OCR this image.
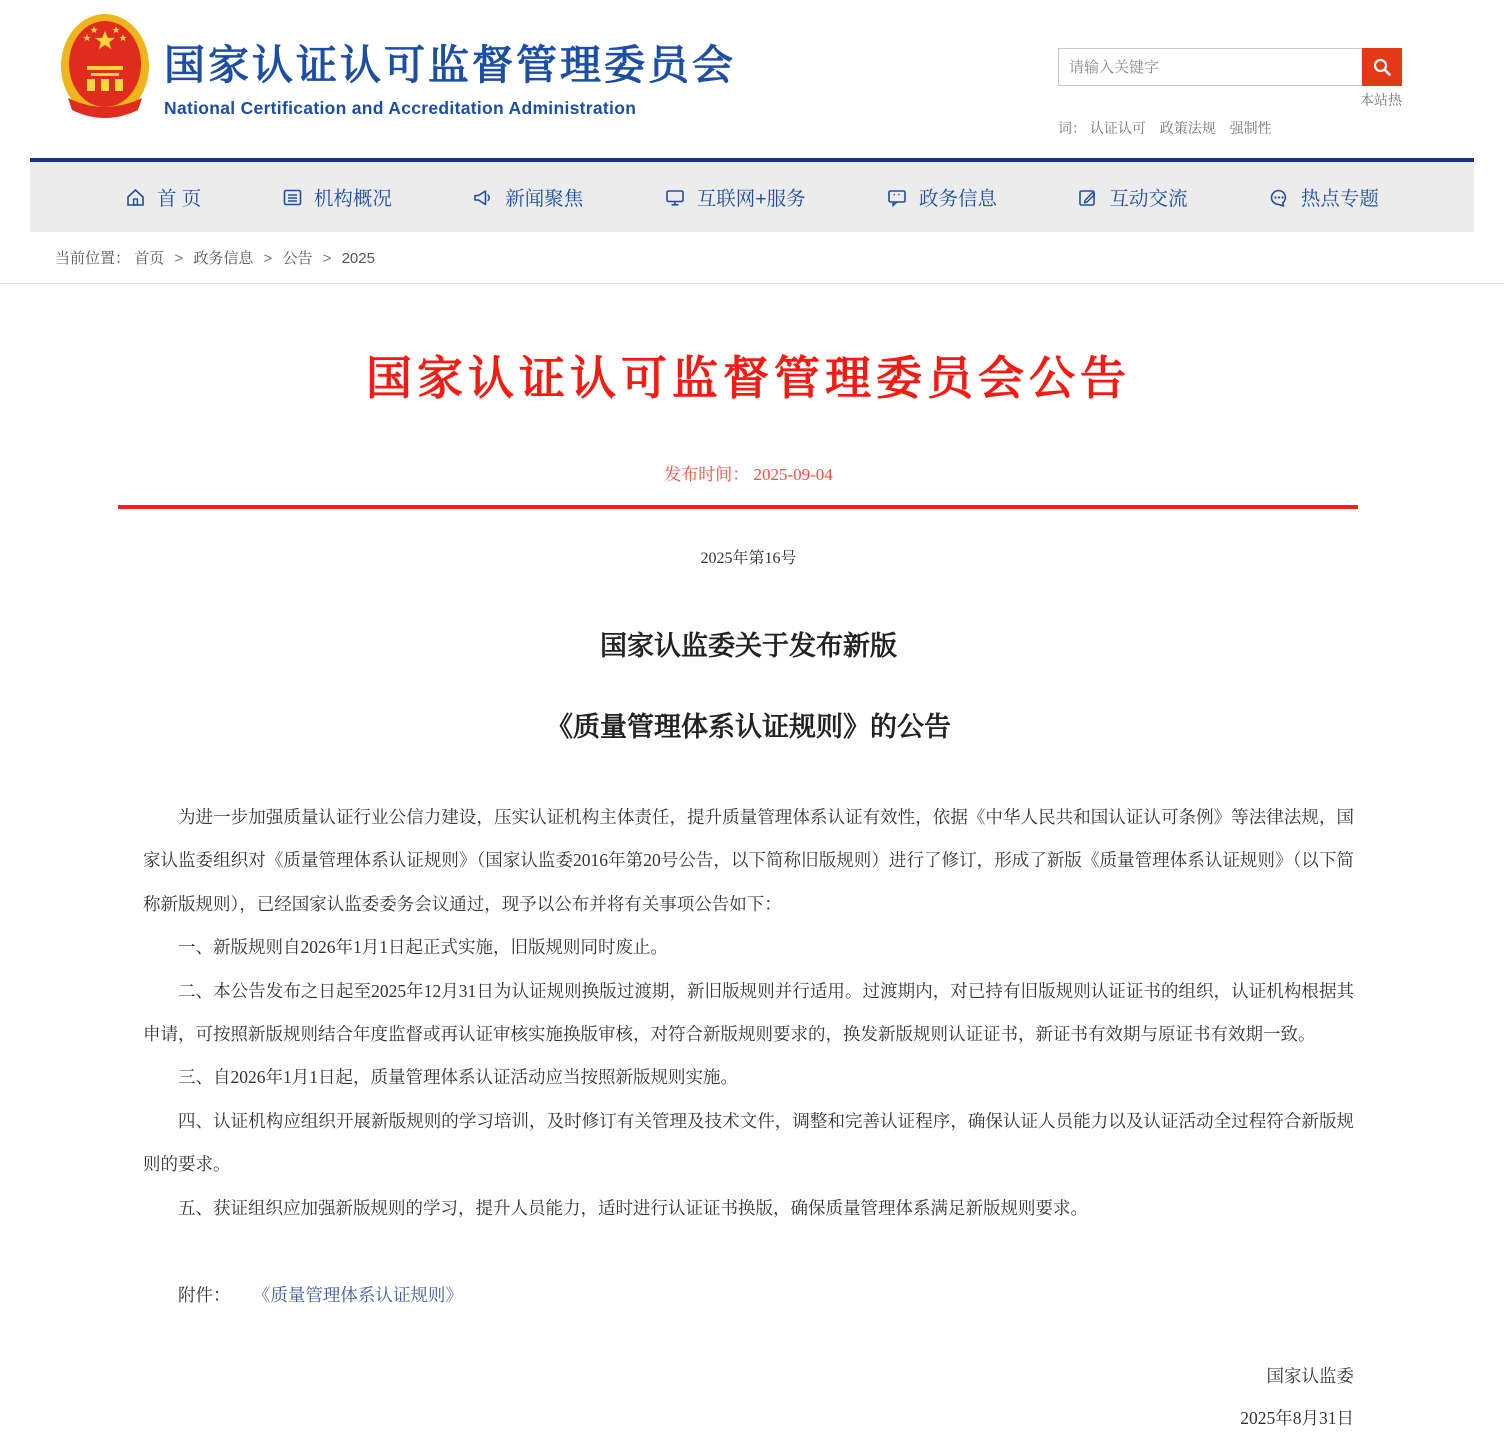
国家认证认可监督管理委员会
National Certification and Accreditation Administration
请输入关键字	本站热
词： 认证认可 政策法规 强制性
首 页	机构概况	新闻聚焦	互联网+服务	政务信息	互动交流	热点专题
当前位置： 首页 > 政务信息 > 公告 > 2025
国家认证认可监督管理委员会公告
发布时间： 2025-09-04
2025年第16号
国家认监委关于发布新版
《质量管理体系认证规则》的公告

为进一步加强质量认证行业公信力建设，压实认证机构主体责任，提升质量管理体系认证有效性，依据《中华人民共和国认证认可条例》等法律法规，国家认监委组织对《质量管理体系认证规则》（国家认监委2016年第20号公告，以下简称旧版规则）进行了修订，形成了新版《质量管理体系认证规则》（以下简称新版规则），已经国家认监委委务会议通过，现予以公布并将有关事项公告如下：

一、新版规则自2026年1月1日起正式实施，旧版规则同时废止。

二、本公告发布之日起至2025年12月31日为认证规则换版过渡期，新旧版规则并行适用。过渡期内，对已持有旧版规则认证证书的组织，认证机构根据其申请，可按照新版规则结合年度监督或再认证审核实施换版审核，对符合新版规则要求的，换发新版规则认证证书，新证书有效期与原证书有效期一致。

三、自2026年1月1日起，质量管理体系认证活动应当按照新版规则实施。

四、认证机构应组织开展新版规则的学习培训，及时修订有关管理及技术文件，调整和完善认证程序，确保认证人员能力以及认证活动全过程符合新版规则的要求。

五、获证组织应加强新版规则的学习，提升人员能力，适时进行认证证书换版，确保质量管理体系满足新版规则要求。

附件： 《质量管理体系认证规则》
国家认监委
2025年8月31日
